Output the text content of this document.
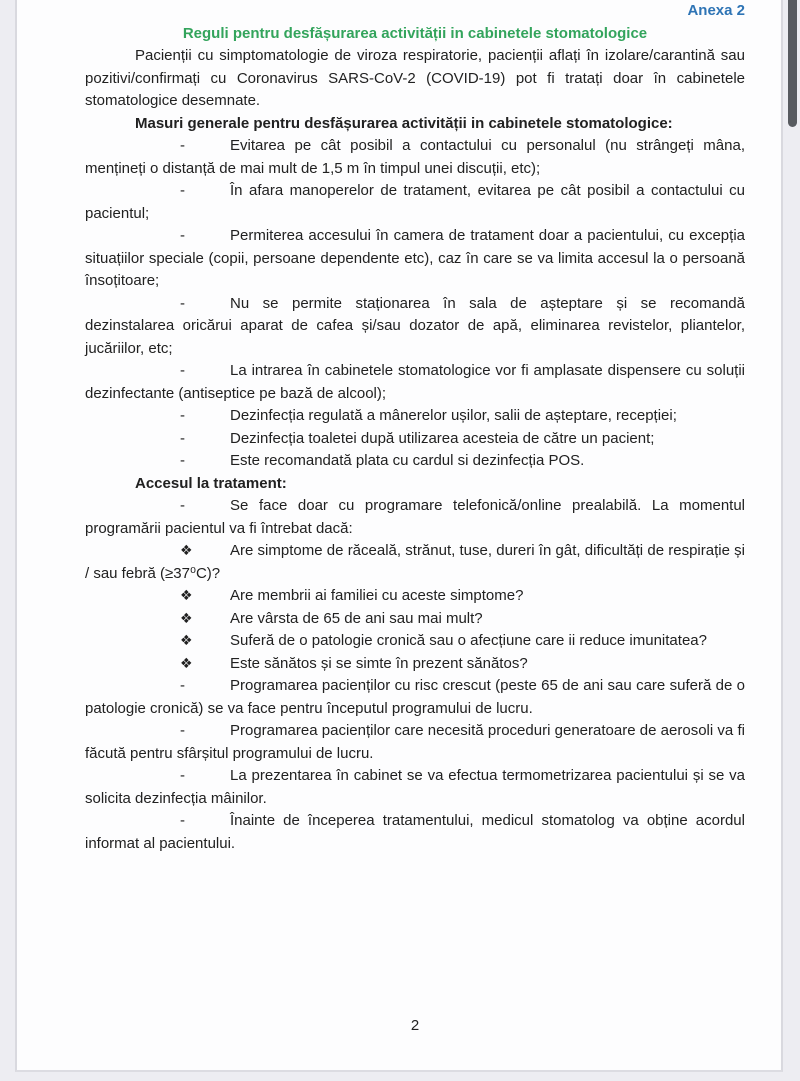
Anexa 2

Reguli pentru desfășurarea activității in cabinetele stomatologice

Pacienții cu simptomatologie de viroza respiratorie, pacienții aflați în izolare/carantină sau pozitivi/confirmați cu Coronavirus SARS-CoV-2 (COVID-19) pot fi tratați doar în cabinetele stomatologice desemnate.

Masuri generale pentru desfășurarea activității in cabinetele stomatologice:

-	Evitarea pe cât posibil a contactului cu personalul (nu strângeți mâna, mențineți o distanță de mai mult de 1,5 m în timpul unei discuții, etc);

-	În afara manoperelor de tratament, evitarea pe cât posibil a contactului cu pacientul;

-	Permiterea accesului în camera de tratament doar a pacientului, cu excepția situațiilor speciale (copii, persoane dependente etc), caz în care se va limita accesul la o persoană însoțitoare;

-	Nu se permite staționarea în sala de așteptare și se recomandă dezinstalarea oricărui aparat de cafea și/sau dozator de apă, eliminarea revistelor, pliantelor, jucăriilor, etc;

-	La intrarea în cabinetele stomatologice vor fi amplasate dispensere cu soluții dezinfectante (antiseptice pe bază de alcool);

-	Dezinfecția regulată a mânerelor ușilor, salii de așteptare, recepției;

-	Dezinfecția toaletei după utilizarea acesteia de către un pacient;

-	Este recomandată plata cu cardul si dezinfecția POS.

Accesul la tratament:

-	Se face doar cu programare telefonică/online prealabilă. La momentul programării pacientul va fi întrebat dacă:

❖ Are simptome de răceală, strănut, tuse, dureri în gât, dificultăți de respirație și / sau febră (≥37⁰C)?

❖ Are membrii ai familiei cu aceste simptome?

❖ Are vârsta de 65 de ani sau mai mult?

❖ Suferă de o patologie cronică sau o afecțiune care ii reduce imunitatea?

❖ Este sănătos și se simte în prezent sănătos?

-	Programarea pacienților cu risc crescut (peste 65 de ani sau care suferă de o patologie cronică) se va face pentru începutul programului de lucru.

-	Programarea pacienților care necesită proceduri generatoare de aerosoli va fi făcută pentru sfârșitul programului de lucru.

-	La prezentarea în cabinet se va efectua termometrizarea pacientului și se va solicita dezinfecția mâinilor.

-	Înainte de începerea tratamentului, medicul stomatolog va obține acordul informat al pacientului.

2
